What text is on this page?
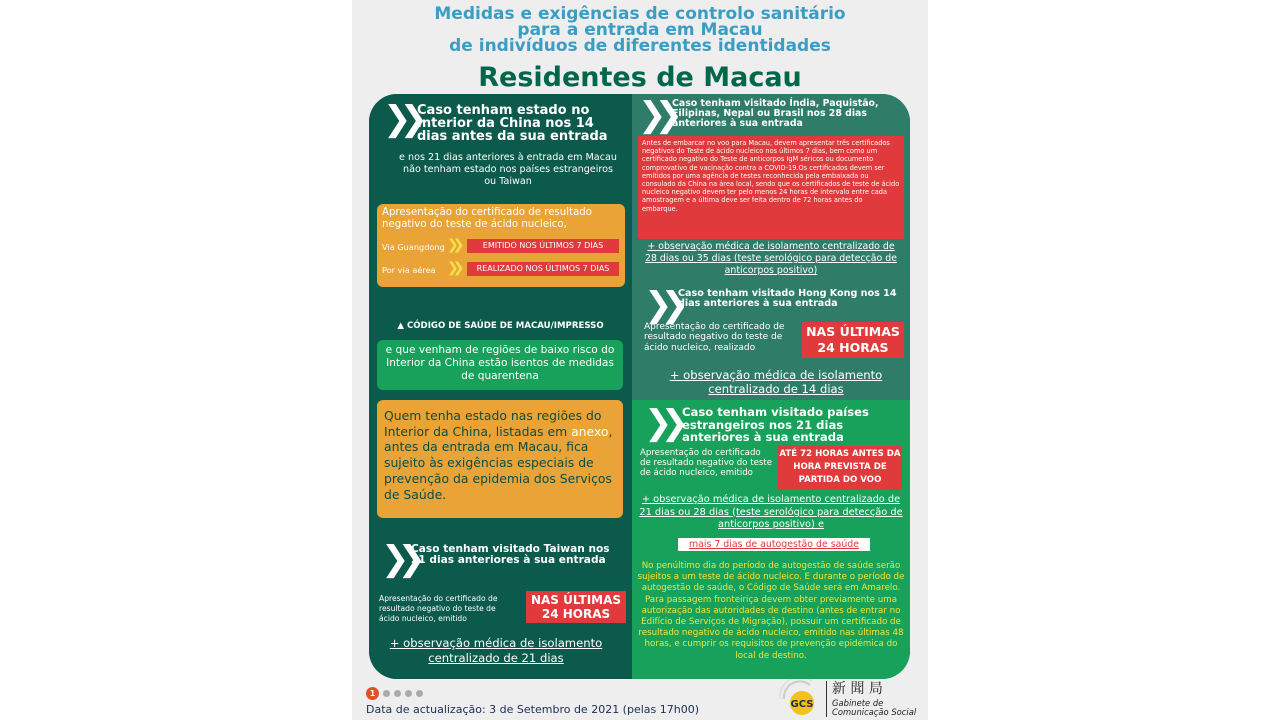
Medidas e exigências de controlo sanitário
para a entrada em Macau
de indivíduos de diferentes identidades
Residentes de Macau
❯❯ Caso tenham estado no Interior da China nos 14 dias antes da sua entrada
e nos 21 dias anteriores à entrada em Macau não tenham estado nos países estrangeiros ou Taiwan
Apresentação do certificado de resultado negativo do teste de ácido nucleico,
Via Guangdong ❯❯	EMITIDO NOS ÚLTIMOS 7 DIAS
Por via aérea ❯❯	REALIZADO NOS ÚLTIMOS 7 DIAS
▲ CÓDIGO DE SAÚDE DE MACAU/IMPRESSO
e que venham de regiões de baixo risco do Interior da China estão isentos de medidas de quarentena
Quem tenha estado nas regiões do Interior da China, listadas em anexo, antes da entrada em Macau, fica sujeito às exigências especiais de prevenção da epidemia dos Serviços de Saúde.
❯❯
Caso tenham visitado Taiwan nos 21 dias anteriores à sua entrada
Apresentação do certificado de resultado negativo do teste de ácido nucleico, emitido
NAS ÚLTIMAS 24 HORAS
+ observação médica de isolamento centralizado de 21 dias
❯❯ Caso tenham visitado Índia, Paquistão, Filipinas, Nepal ou Brasil nos 28 dias anteriores à sua entrada
Antes de embarcar no voo para Macau, devem apresentar três certificados negativos do Teste de ácido nucleico nos últimos 7 dias, bem como um certificado negativo do Teste de anticorpos IgM séricos ou documento comprovativo de vacinação contra a COVID-19.Os certificados devem ser emitidos por uma agência de testes reconhecida pela embaixada ou consulado da China na área local, sendo que os certificados de teste de ácido nucleico negativo devem ter pelo menos 24 horas de intervalo entre cada amostragem e a última deve ser feita dentro de 72 horas antes do embarque.
+ observação médica de isolamento centralizado de 28 dias ou 35 dias (teste serológico para detecção de anticorpos positivo)
❯❯ Caso tenham visitado Hong Kong nos 14 dias anteriores à sua entrada
Apresentação do certificado de resultado negativo do teste de ácido nucleico, realizado
NAS ÚLTIMAS 24 HORAS
+ observação médica de isolamento centralizado de 14 dias
❯❯ Caso tenham visitado países estrangeiros nos 21 dias anteriores à sua entrada
Apresentação do certificado de resultado negativo do teste de ácido nucleico, emitido
ATÉ 72 HORAS ANTES DA HORA PREVISTA DE PARTIDA DO VOO
+ observação médica de isolamento centralizado de 21 dias ou 28 dias (teste serológico para detecção de anticorpos positivo) e
mais 7 dias de autogestão de saúde
No penúltimo dia do período de autogestão de saúde serão sujeitos a um teste de ácido nucleico. E durante o período de autogestão de saúde, o Código de Saúde será em Amarelo. Para passagem fronteiriça devem obter previamente uma autorização das autoridades de destino (antes de entrar no Edifício de Serviços de Migração), possuir um certificado de resultado negativo de ácido nucleico, emitido nas últimas 48 horas, e cumprir os requisitos de prevenção epidémica do local de destino.
1
Data de actualização: 3 de Setembro de 2021 (pelas 17h00)	GCS
新 聞 局
Gabinete de
Comunicação Social
